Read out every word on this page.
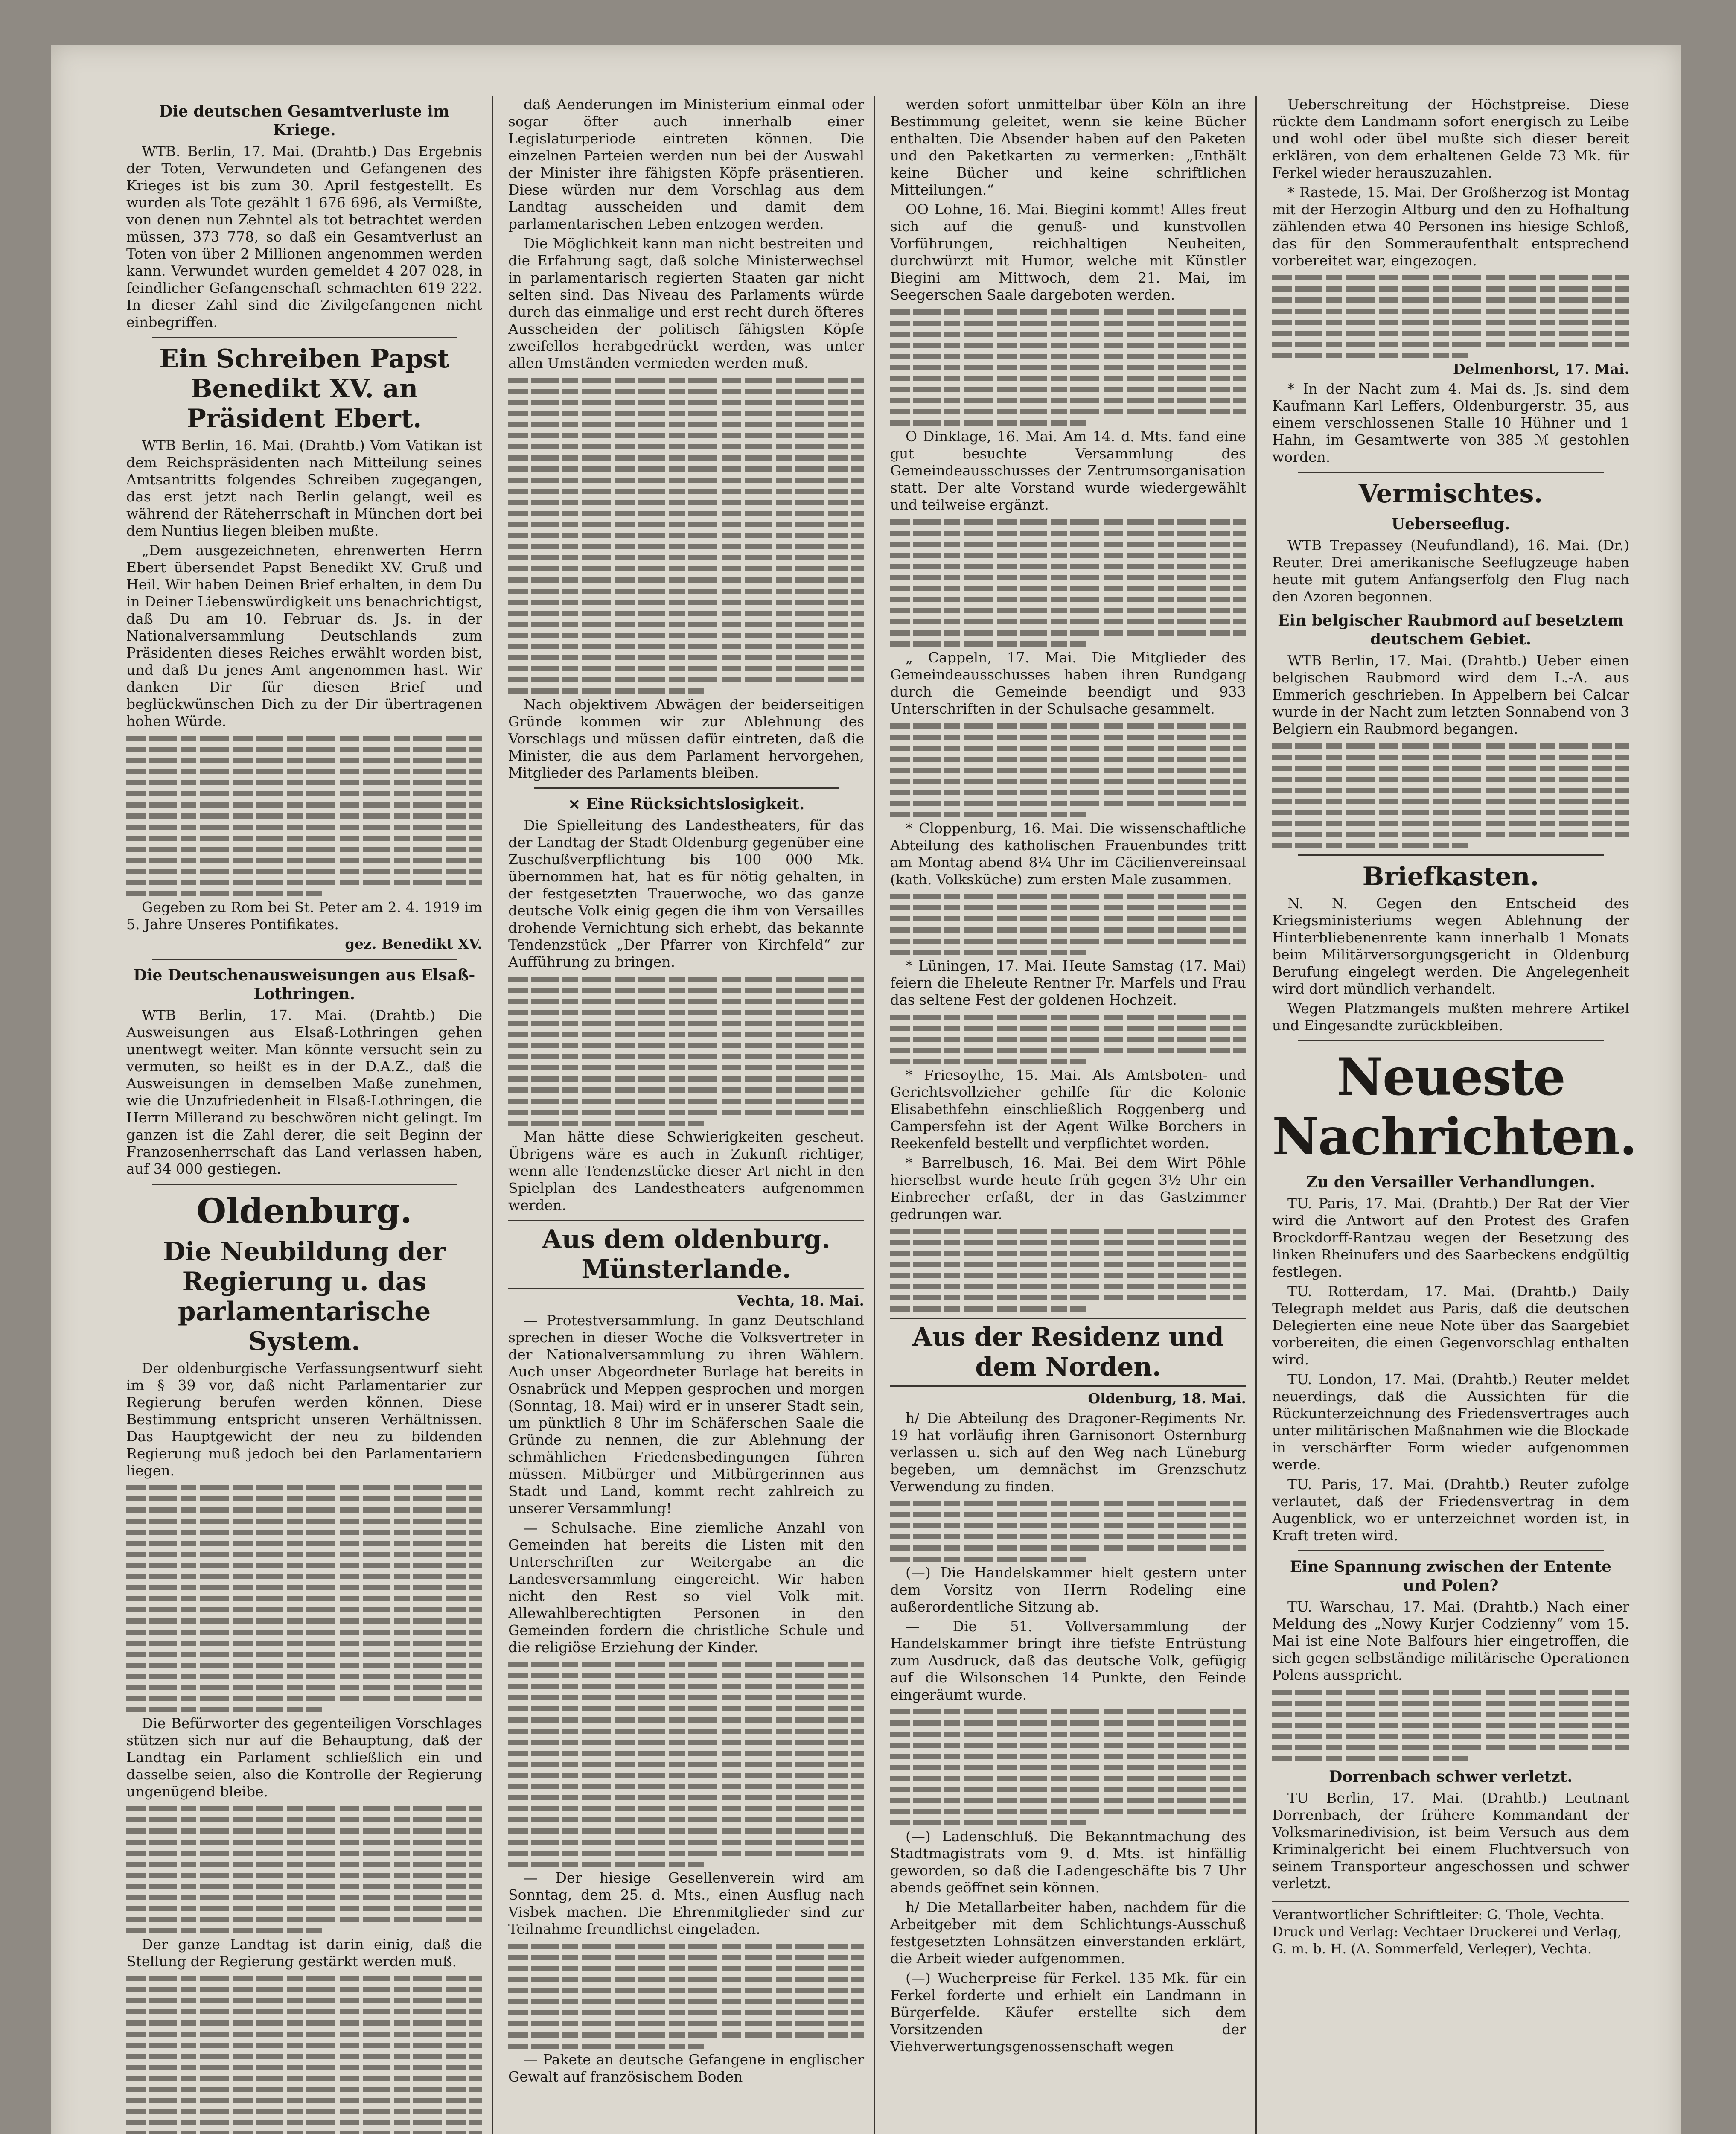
Die deutschen Gesamtverluste im Kriege.

WTB. Berlin, 17. Mai. (Drahtb.) Das Ergebnis der Toten, Verwundeten und Gefangenen des Krieges ist bis zum 30. April festgestellt. Es wurden als Tote gezählt 1 676 696, als Vermißte, von denen nun Zehntel als tot betrachtet werden müssen, 373 778, so daß ein Gesamtverlust an Toten von über 2 Millionen angenommen werden kann. Verwundet wurden gemeldet 4 207 028, in feindlicher Gefangenschaft schmachten 619 222. In dieser Zahl sind die Zivilgefangenen nicht einbegriffen.

Ein Schreiben Papst Benedikt XV. an Präsident Ebert.

WTB Berlin, 16. Mai. (Drahtb.) Vom Vatikan ist dem Reichspräsidenten nach Mitteilung seines Amtsantritts folgendes Schreiben zugegangen, das erst jetzt nach Berlin gelangt, weil es während der Räteherrschaft in München dort bei dem Nuntius liegen bleiben mußte.

„Dem ausgezeichneten, ehrenwerten Herrn Ebert übersendet Papst Benedikt XV. Gruß und Heil. Wir haben Deinen Brief erhalten, in dem Du in Deiner Liebenswürdigkeit uns benachrichtigst, daß Du am 10. Februar ds. Js. in der Nationalversammlung Deutschlands zum Präsidenten dieses Reiches erwählt worden bist, und daß Du jenes Amt angenommen hast. Wir danken Dir für diesen Brief und beglückwünschen Dich zu der Dir übertragenen hohen Würde.

Gegeben zu Rom bei St. Peter am 2. 4. 1919 im 5. Jahre Unseres Pontifikates.

gez. Benedikt XV.
Die Deutschenausweisungen aus Elsaß-Lothringen.

WTB Berlin, 17. Mai. (Drahtb.) Die Ausweisungen aus Elsaß-Lothringen gehen unentwegt weiter. Man könnte versucht sein zu vermuten, so heißt es in der D.A.Z., daß die Ausweisungen in demselben Maße zunehmen, wie die Unzufriedenheit in Elsaß-Lothringen, die Herrn Millerand zu beschwören nicht gelingt. Im ganzen ist die Zahl derer, die seit Beginn der Franzosenherrschaft das Land verlassen haben, auf 34 000 gestiegen.

Oldenburg.
Die Neubildung der Regierung u. das parlamentarische System.

Der oldenburgische Verfassungsentwurf sieht im § 39 vor, daß nicht Parlamentarier zur Regierung berufen werden können. Diese Bestimmung entspricht unseren Verhältnissen. Das Hauptgewicht der neu zu bildenden Regierung muß jedoch bei den Parlamentariern liegen.

Die Befürworter des gegenteiligen Vorschlages stützen sich nur auf die Behauptung, daß der Landtag ein Parlament schließlich ein und dasselbe seien, also die Kontrolle der Regierung ungenügend bleibe.

Der ganze Landtag ist darin einig, daß die Stellung der Regierung gestärkt werden muß.

daß Aenderungen im Ministerium einmal oder sogar öfter auch innerhalb einer Legislaturperiode eintreten können. Die einzelnen Parteien werden nun bei der Auswahl der Minister ihre fähigsten Köpfe präsentieren. Diese würden nur dem Vorschlag aus dem Landtag ausscheiden und damit dem parlamentarischen Leben entzogen werden.

Die Möglichkeit kann man nicht bestreiten und die Erfahrung sagt, daß solche Ministerwechsel in parlamentarisch regierten Staaten gar nicht selten sind. Das Niveau des Parlaments würde durch das einmalige und erst recht durch öfteres Ausscheiden der politisch fähigsten Köpfe zweifellos herabgedrückt werden, was unter allen Umständen vermieden werden muß.

Nach objektivem Abwägen der beiderseitigen Gründe kommen wir zur Ablehnung des Vorschlags und müssen dafür eintreten, daß die Minister, die aus dem Parlament hervorgehen, Mitglieder des Parlaments bleiben.

× Eine Rücksichtslosigkeit.

Die Spielleitung des Landestheaters, für das der Landtag der Stadt Oldenburg gegenüber eine Zuschußverpflichtung bis 100 000 Mk. übernommen hat, hat es für nötig gehalten, in der festgesetzten Trauerwoche, wo das ganze deutsche Volk einig gegen die ihm von Versailles drohende Vernichtung sich erhebt, das bekannte Tendenzstück „Der Pfarrer von Kirchfeld“ zur Aufführung zu bringen.

Man hätte diese Schwierigkeiten gescheut. Übrigens wäre es auch in Zukunft richtiger, wenn alle Tendenzstücke dieser Art nicht in den Spielplan des Landestheaters aufgenommen werden.

Aus dem oldenburg. Münsterlande.
Vechta, 18. Mai.

— Protestversammlung. In ganz Deutschland sprechen in dieser Woche die Volksvertreter in der Nationalversammlung zu ihren Wählern. Auch unser Abgeordneter Burlage hat bereits in Osnabrück und Meppen gesprochen und morgen (Sonntag, 18. Mai) wird er in unserer Stadt sein, um pünktlich 8 Uhr im Schäferschen Saale die Gründe zu nennen, die zur Ablehnung der schmählichen Friedensbedingungen führen müssen. Mitbürger und Mitbürgerinnen aus Stadt und Land, kommt recht zahlreich zu unserer Versammlung!

— Schulsache. Eine ziemliche Anzahl von Gemeinden hat bereits die Listen mit den Unterschriften zur Weitergabe an die Landesversammlung eingereicht. Wir haben nicht den Rest so viel Volk mit. Allewahlberechtigten Personen in den Gemeinden fordern die christliche Schule und die religiöse Erziehung der Kinder.

— Der hiesige Gesellenverein wird am Sonntag, dem 25. d. Mts., einen Ausflug nach Visbek machen. Die Ehrenmitglieder sind zur Teilnahme freundlichst eingeladen.

— Pakete an deutsche Gefangene in englischer Gewalt auf französischem Boden

werden sofort unmittelbar über Köln an ihre Bestimmung geleitet, wenn sie keine Bücher enthalten. Die Absender haben auf den Paketen und den Paketkarten zu vermerken: „Enthält keine Bücher und keine schriftlichen Mitteilungen.“

OO Lohne, 16. Mai. Biegini kommt! Alles freut sich auf die genuß- und kunstvollen Vorführungen, reichhaltigen Neuheiten, durchwürzt mit Humor, welche mit Künstler Biegini am Mittwoch, dem 21. Mai, im Seegerschen Saale dargeboten werden.

O Dinklage, 16. Mai. Am 14. d. Mts. fand eine gut besuchte Versammlung des Gemeindeausschusses der Zentrumsorganisation statt. Der alte Vorstand wurde wiedergewählt und teilweise ergänzt.

„ Cappeln, 17. Mai. Die Mitglieder des Gemeindeausschusses haben ihren Rundgang durch die Gemeinde beendigt und 933 Unterschriften in der Schulsache gesammelt.

* Cloppenburg, 16. Mai. Die wissenschaftliche Abteilung des katholischen Frauenbundes tritt am Montag abend 8¼ Uhr im Cäcilienvereinsaal (kath. Volksküche) zum ersten Male zusammen.

* Lüningen, 17. Mai. Heute Samstag (17. Mai) feiern die Eheleute Rentner Fr. Marfels und Frau das seltene Fest der goldenen Hochzeit.

* Friesoythe, 15. Mai. Als Amtsboten- und Gerichtsvollzieher gehilfe für die Kolonie Elisabethfehn einschließlich Roggenberg und Campersfehn ist der Agent Wilke Borchers in Reekenfeld bestellt und verpflichtet worden.

* Barrelbusch, 16. Mai. Bei dem Wirt Pöhle hierselbst wurde heute früh gegen 3½ Uhr ein Einbrecher erfaßt, der in das Gastzimmer gedrungen war.

Aus der Residenz und dem Norden.
Oldenburg, 18. Mai.

h/ Die Abteilung des Dragoner-Regiments Nr. 19 hat vorläufig ihren Garnisonort Osternburg verlassen u. sich auf den Weg nach Lüneburg begeben, um demnächst im Grenzschutz Verwendung zu finden.

(—) Die Handelskammer hielt gestern unter dem Vorsitz von Herrn Rodeling eine außerordentliche Sitzung ab.

— Die 51. Vollversammlung der Handelskammer bringt ihre tiefste Entrüstung zum Ausdruck, daß das deutsche Volk, gefügig auf die Wilsonschen 14 Punkte, den Feinde eingeräumt wurde.

(—) Ladenschluß. Die Bekanntmachung des Stadtmagistrats vom 9. d. Mts. ist hinfällig geworden, so daß die Ladengeschäfte bis 7 Uhr abends geöffnet sein können.

h/ Die Metallarbeiter haben, nachdem für die Arbeitgeber mit dem Schlichtungs-Ausschuß festgesetzten Lohnsätzen einverstanden erklärt, die Arbeit wieder aufgenommen.

(—) Wucherpreise für Ferkel. 135 Mk. für ein Ferkel forderte und erhielt ein Landmann in Bürgerfelde. Käufer erstellte sich dem Vorsitzenden der Viehverwertungsgenossenschaft wegen

Ueberschreitung der Höchstpreise. Diese rückte dem Landmann sofort energisch zu Leibe und wohl oder übel mußte sich dieser bereit erklären, von dem erhaltenen Gelde 73 Mk. für Ferkel wieder herauszuzahlen.

* Rastede, 15. Mai. Der Großherzog ist Montag mit der Herzogin Altburg und den zu Hofhaltung zählenden etwa 40 Personen ins hiesige Schloß, das für den Sommeraufenthalt entsprechend vorbereitet war, eingezogen.

Delmenhorst, 17. Mai.

* In der Nacht zum 4. Mai ds. Js. sind dem Kaufmann Karl Leffers, Oldenburgerstr. 35, aus einem verschlossenen Stalle 10 Hühner und 1 Hahn, im Gesamtwerte von 385 ℳ gestohlen worden.

Vermischtes.
Ueberseeflug.

WTB Trepassey (Neufundland), 16. Mai. (Dr.) Reuter. Drei amerikanische Seeflugzeuge haben heute mit gutem Anfangserfolg den Flug nach den Azoren begonnen.

Ein belgischer Raubmord auf besetztem deutschem Gebiet.

WTB Berlin, 17. Mai. (Drahtb.) Ueber einen belgischen Raubmord wird dem L.-A. aus Emmerich geschrieben. In Appelbern bei Calcar wurde in der Nacht zum letzten Sonnabend von 3 Belgiern ein Raubmord begangen.

Briefkasten.

N. N. Gegen den Entscheid des Kriegsministeriums wegen Ablehnung der Hinterbliebenenrente kann innerhalb 1 Monats beim Militärversorgungsgericht in Oldenburg Berufung eingelegt werden. Die Angelegenheit wird dort mündlich verhandelt.

Wegen Platzmangels mußten mehrere Artikel und Eingesandte zurückbleiben.

Neueste Nachrichten.
Zu den Versailler Verhandlungen.

TU. Paris, 17. Mai. (Drahtb.) Der Rat der Vier wird die Antwort auf den Protest des Grafen Brockdorff-Rantzau wegen der Besetzung des linken Rheinufers und des Saarbeckens endgültig festlegen.

TU. Rotterdam, 17. Mai. (Drahtb.) Daily Telegraph meldet aus Paris, daß die deutschen Delegierten eine neue Note über das Saargebiet vorbereiten, die einen Gegenvorschlag enthalten wird.

TU. London, 17. Mai. (Drahtb.) Reuter meldet neuerdings, daß die Aussichten für die Rückunterzeichnung des Friedensvertrages auch unter militärischen Maßnahmen wie die Blockade in verschärfter Form wieder aufgenommen werde.

TU. Paris, 17. Mai. (Drahtb.) Reuter zufolge verlautet, daß der Friedensvertrag in dem Augenblick, wo er unterzeichnet worden ist, in Kraft treten wird.

Eine Spannung zwischen der Entente und Polen?

TU. Warschau, 17. Mai. (Drahtb.) Nach einer Meldung des „Nowy Kurjer Codzienny“ vom 15. Mai ist eine Note Balfours hier eingetroffen, die sich gegen selbständige militärische Operationen Polens ausspricht.

Dorrenbach schwer verletzt.

TU Berlin, 17. Mai. (Drahtb.) Leutnant Dorrenbach, der frühere Kommandant der Volksmarinedivision, ist beim Versuch aus dem Kriminalgericht bei einem Fluchtversuch von seinem Transporteur angeschossen und schwer verletzt.

Verantwortlicher Schriftleiter: G. Thole, Vechta. Druck und Verlag: Vechtaer Druckerei und Verlag, G. m. b. H. (A. Sommerfeld, Verleger), Vechta.
